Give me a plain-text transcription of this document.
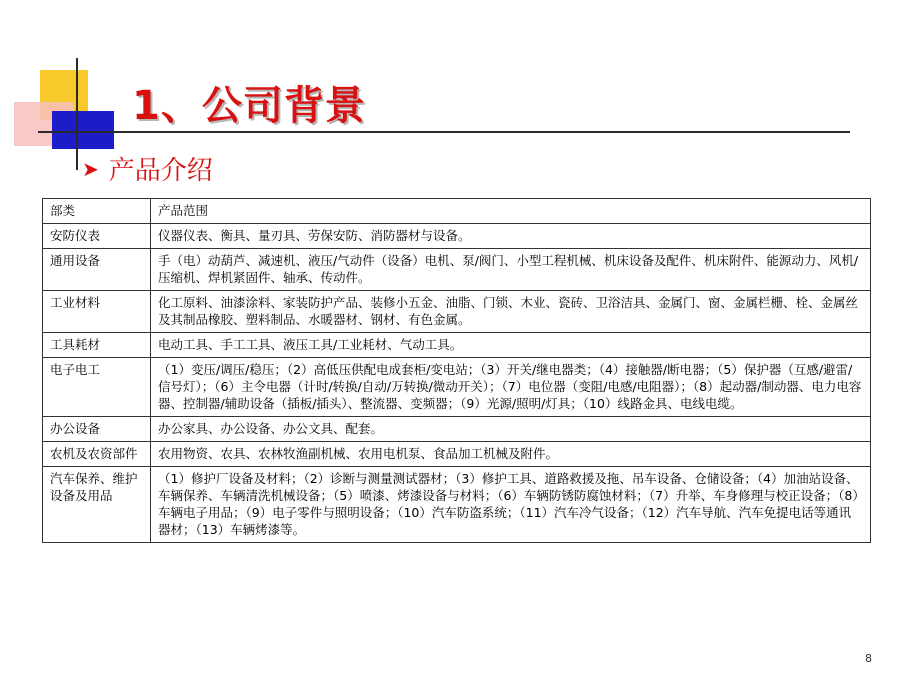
1、公司背景
➤ 产品介绍
部类	产品范围
安防仪表	仪器仪表、衡具、量刃具、劳保安防、消防器材与设备。
通用设备	手（电）动葫芦、减速机、液压/气动件（设备）电机、泵/阀门、小型工程机械、机床设备及配件、机床附件、能源动力、风机/压缩机、焊机紧固件、轴承、传动件。
工业材料	化工原料、油漆涂料、家装防护产品、装修小五金、油脂、门锁、木业、瓷砖、卫浴洁具、金属门、窗、金属栏栅、栓、金属丝及其制品橡胶、塑料制品、水暖器材、钢材、有色金属。
工具耗材	电动工具、手工工具、液压工具/工业耗材、气动工具。
电子电工	（1）变压/调压/稳压；（2）高低压供配电成套柜/变电站；（3）开关/继电器类；（4）接触器/断电器；（5）保护器（互感/避雷/信号灯）；（6）主令电器（计时/转换/自动/万转换/微动开关）；（7）电位器（变阻/电感/电阻器）；（8）起动器/制动器、电力电容器、控制器/辅助设备（插板/插头）、整流器、变频器；（9）光源/照明/灯具；（10）线路金具、电线电缆。
办公设备	办公家具、办公设备、办公文具、配套。
农机及农资部件	农用物资、农具、农林牧渔副机械、农用电机泵、食品加工机械及附件。
汽车保养、维护设备及用品	（1）修护厂设备及材料；（2）诊断与测量测试器材；（3）修护工具、道路救援及拖、吊车设备、仓储设备；（4）加油站设备、车辆保养、车辆清洗机械设备；（5）喷漆、烤漆设备与材料；（6）车辆防锈防腐蚀材料；（7）升举、车身修理与校正设备；（8）车辆电子用品；（9）电子零件与照明设备；（10）汽车防盗系统；（11）汽车冷气设备；（12）汽车导航、汽车免提电话等通讯器材；（13）车辆烤漆等。
8
